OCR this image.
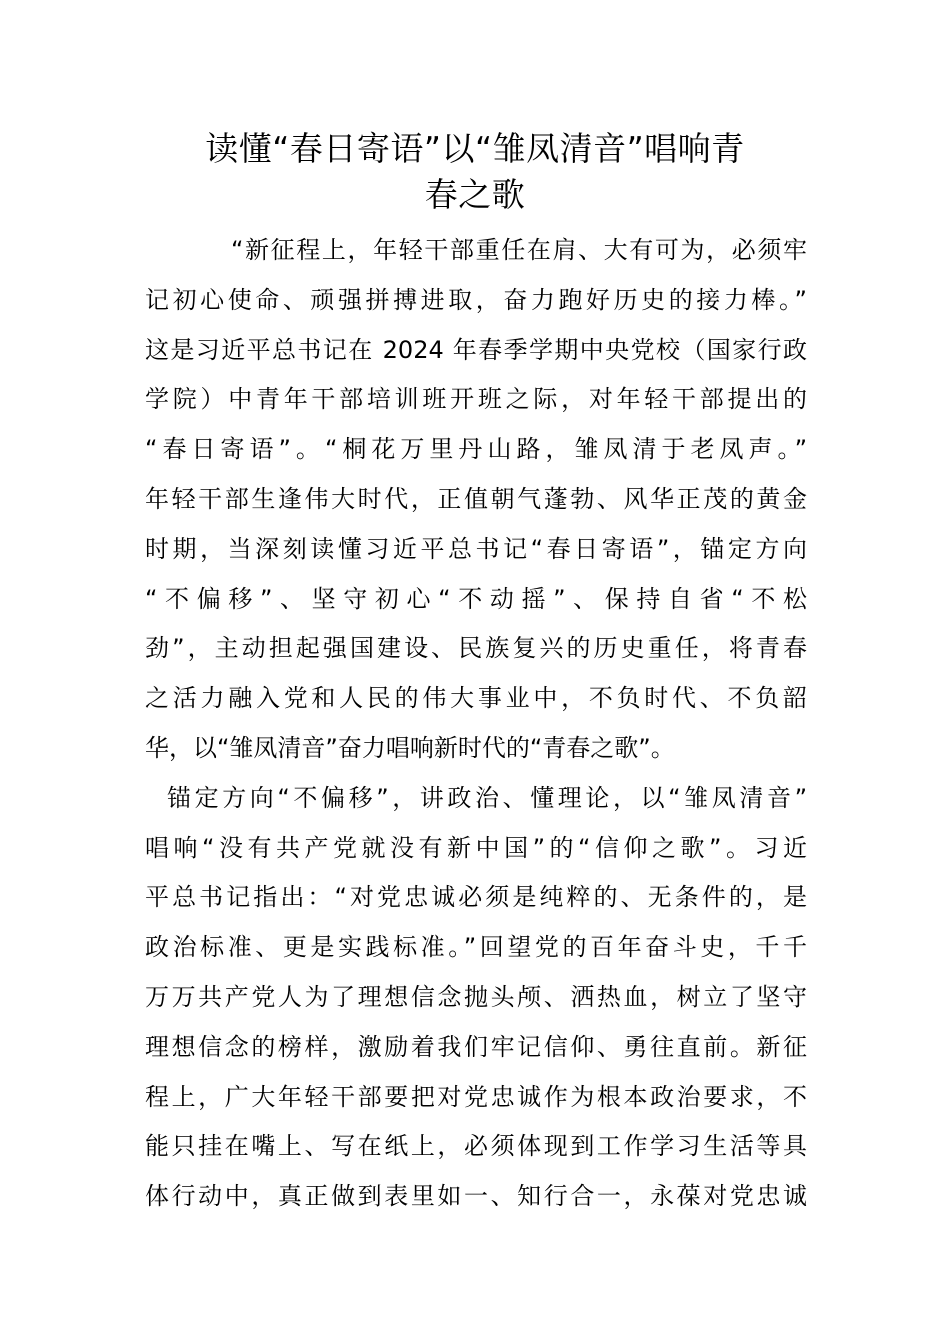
读懂“春日寄语”以“雏凤清音”唱响青
春之歌
“新征程上，年轻干部重任在肩、大有可为，必须牢
记初心使命、顽强拼搏进取，奋力跑好历史的接力棒。”
这是习近平总书记在 2024 年春季学期中央党校（国家行政
学院）中青年干部培训班开班之际，对年轻干部提出的
“春日寄语”。“桐花万里丹山路，雏凤清于老凤声。”
年轻干部生逢伟大时代，正值朝气蓬勃、风华正茂的黄金
时期，当深刻读懂习近平总书记“春日寄语”，锚定方向
“不偏移”、坚守初心“不动摇”、保持自省“不松
劲”，主动担起强国建设、民族复兴的历史重任，将青春
之活力融入党和人民的伟大事业中，不负时代、不负韶
华，以“雏凤清音”奋力唱响新时代的“青春之歌”。
锚定方向“不偏移”，讲政治、懂理论，以“雏凤清音”
唱响“没有共产党就没有新中国”的“信仰之歌”。习近
平总书记指出：“对党忠诚必须是纯粹的、无条件的，是
政治标准、更是实践标准。”回望党的百年奋斗史，千千
万万共产党人为了理想信念抛头颅、洒热血，树立了坚守
理想信念的榜样，激励着我们牢记信仰、勇往直前。新征
程上，广大年轻干部要把对党忠诚作为根本政治要求，不
能只挂在嘴上、写在纸上，必须体现到工作学习生活等具
体行动中，真正做到表里如一、知行合一，永葆对党忠诚
